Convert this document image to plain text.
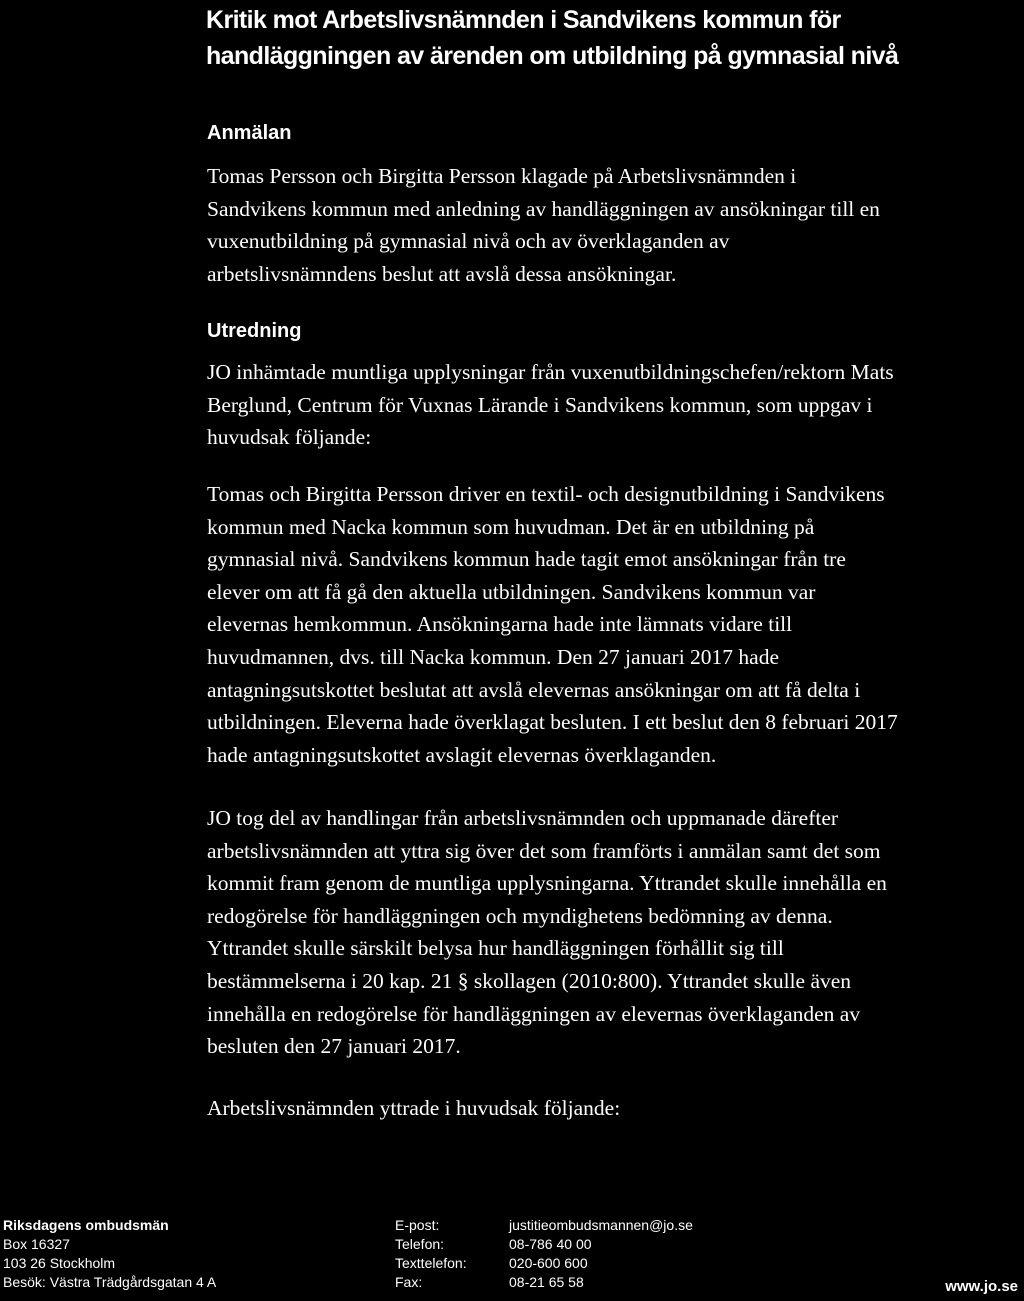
Kritik mot Arbetslivsnämnden i Sandvikens kommun för
handläggningen av ärenden om utbildning på gymnasial nivå
Anmälan

Tomas Persson och Birgitta Persson klagade på Arbetslivsnämnden i
Sandvikens kommun med anledning av handläggningen av ansökningar till en
vuxenutbildning på gymnasial nivå och av överklaganden av
arbetslivsnämndens beslut att avslå dessa ansökningar.

Utredning

JO inhämtade muntliga upplysningar från vuxenutbildningschefen/rektorn Mats
Berglund, Centrum för Vuxnas Lärande i Sandvikens kommun, som uppgav i
huvudsak följande:

Tomas och Birgitta Persson driver en textil- och designutbildning i Sandvikens
kommun med Nacka kommun som huvudman. Det är en utbildning på
gymnasial nivå. Sandvikens kommun hade tagit emot ansökningar från tre
elever om att få gå den aktuella utbildningen. Sandvikens kommun var
elevernas hemkommun. Ansökningarna hade inte lämnats vidare till
huvudmannen, dvs. till Nacka kommun. Den 27 januari 2017 hade
antagningsutskottet beslutat att avslå elevernas ansökningar om att få delta i
utbildningen. Eleverna hade överklagat besluten. I ett beslut den 8 februari 2017
hade antagningsutskottet avslagit elevernas överklaganden.

JO tog del av handlingar från arbetslivsnämnden och uppmanade därefter
arbetslivsnämnden att yttra sig över det som framförts i anmälan samt det som
kommit fram genom de muntliga upplysningarna. Yttrandet skulle innehålla en
redogörelse för handläggningen och myndighetens bedömning av denna.
Yttrandet skulle särskilt belysa hur handläggningen förhållit sig till
bestämmelserna i 20 kap. 21 § skollagen (2010:800). Yttrandet skulle även
innehålla en redogörelse för handläggningen av elevernas överklaganden av
besluten den 27 januari 2017.

Arbetslivsnämnden yttrade i huvudsak följande:

Riksdagens ombudsmän
Box 16327
103 26 Stockholm
Besök: Västra Trädgårdsgatan 4 A
E-post:
Telefon:
Texttelefon:
Fax:
justitieombudsmannen@jo.se
08-786 40 00
020-600 600
08-21 65 58	www.jo.se
